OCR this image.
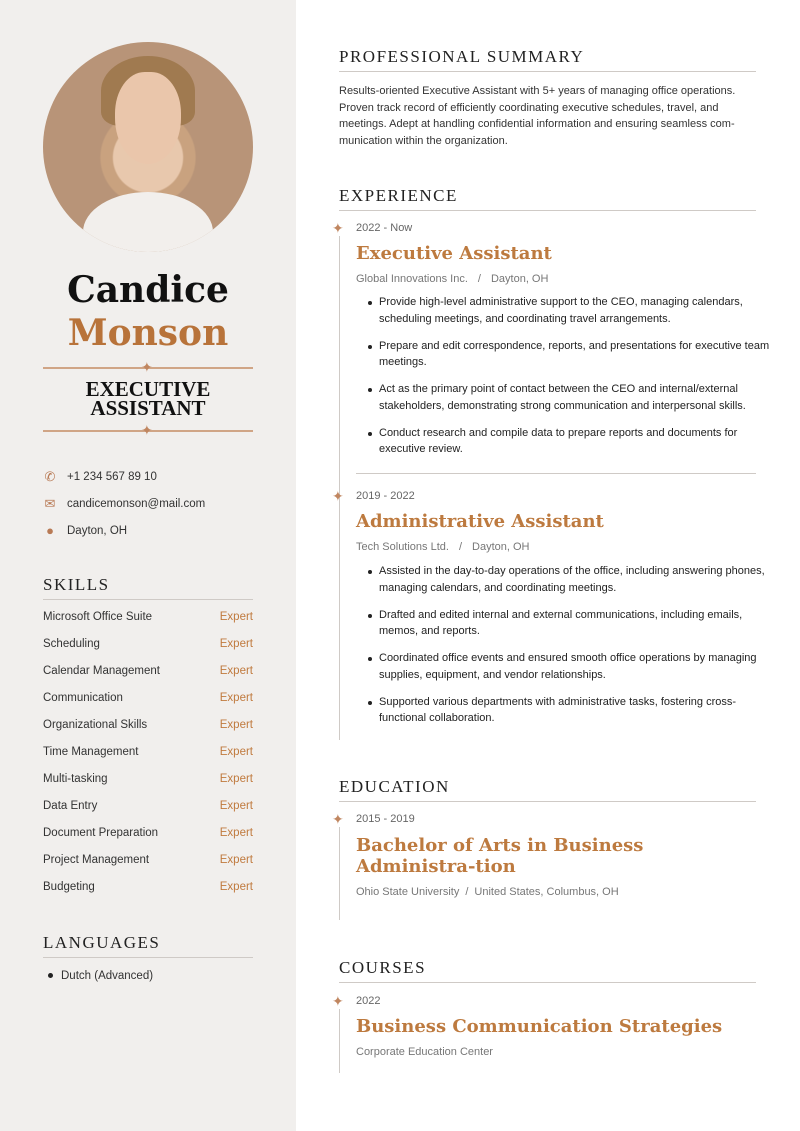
Candice
Monson
✦
EXECUTIVE
ASSISTANT
✦
✆ +1 234 567 89 10
✉ candicemonson@mail.com
● Dayton, OH
SKILLS
Microsoft Office Suite	Expert
Scheduling	Expert
Calendar Management	Expert
Communication	Expert
Organizational Skills	Expert
Time Management	Expert
Multi-tasking	Expert
Data Entry	Expert
Document Preparation	Expert
Project Management	Expert
Budgeting	Expert
LANGUAGES
Dutch (Advanced)
PROFESSIONAL SUMMARY
Results-oriented Executive Assistant with 5+ years of managing office operations. Proven track record of efficiently coordinating executive schedules, travel, and meetings. Adept at handling confidential information and ensuring seamless com-munication within the organization.
EXPERIENCE
✦ 2022 - Now
Executive Assistant
Global Innovations Inc. / Dayton, OH
Provide high-level administrative support to the CEO, managing calendars, scheduling meetings, and coordinating travel arrangements.
Prepare and edit correspondence, reports, and presentations for executive team meetings.
Act as the primary point of contact between the CEO and internal/external stakeholders, demonstrating strong communication and interpersonal skills.
Conduct research and compile data to prepare reports and documents for executive review.
✦ 2019 - 2022
Administrative Assistant
Tech Solutions Ltd. / Dayton, OH
Assisted in the day-to-day operations of the office, including answering phones, managing calendars, and coordinating meetings.
Drafted and edited internal and external communications, including emails, memos, and reports.
Coordinated office events and ensured smooth office operations by managing supplies, equipment, and vendor relationships.
Supported various departments with administrative tasks, fostering cross-functional collaboration.
EDUCATION
✦ 2015 - 2019
Bachelor of Arts in Business Administra-tion
Ohio State University / United States, Columbus, OH
COURSES
✦ 2022
Business Communication Strategies
Corporate Education Center
